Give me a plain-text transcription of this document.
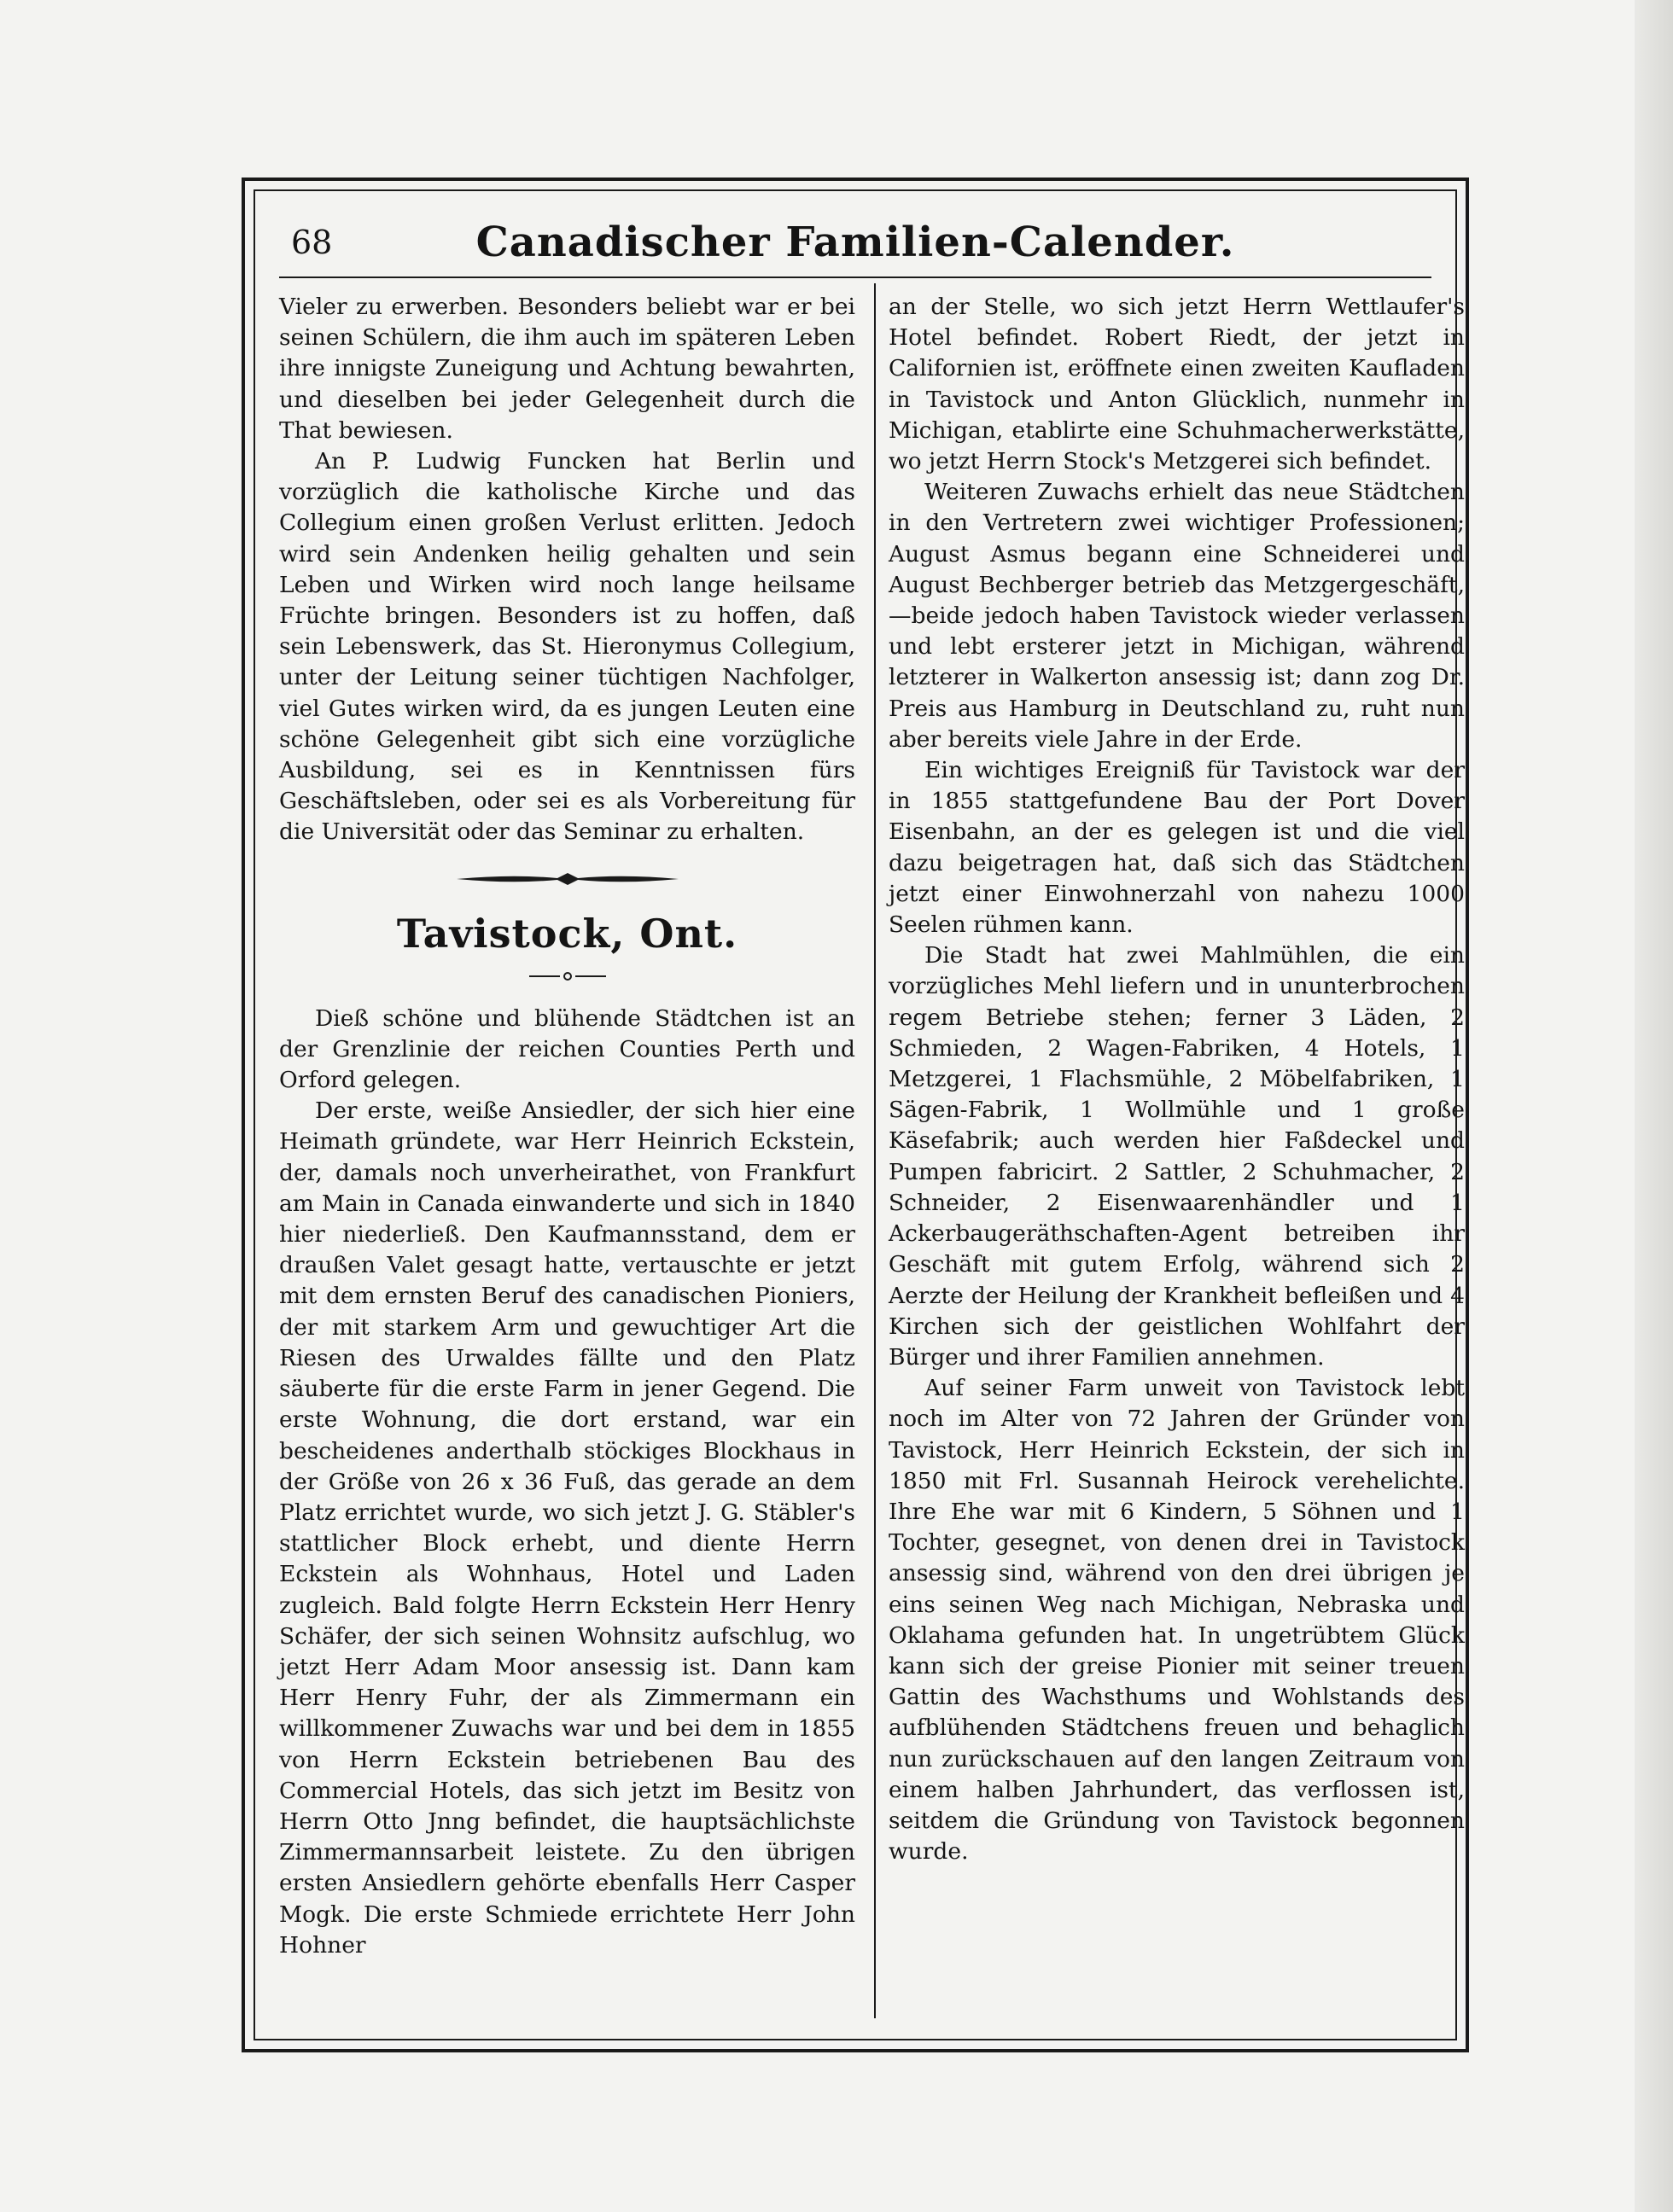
68	Canadischer Familien-Calender.

Vieler zu erwerben. Besonders beliebt war er bei seinen Schülern, die ihm auch im späteren Leben ihre innigste Zuneigung und Achtung bewahrten, und dieselben bei jeder Gelegenheit durch die That bewiesen.

An P. Ludwig Funcken hat Berlin und vorzüglich die katholische Kirche und das Collegium einen großen Verlust erlitten. Jedoch wird sein Andenken heilig gehalten und sein Leben und Wirken wird noch lange heilsame Früchte bringen. Besonders ist zu hoffen, daß sein Lebenswerk, das St. Hieronymus Collegium, unter der Leitung seiner tüchtigen Nachfolger, viel Gutes wirken wird, da es jungen Leuten eine schöne Gelegenheit gibt sich eine vorzügliche Ausbildung, sei es in Kenntnissen fürs Geschäftsleben, oder sei es als Vorbereitung für die Universität oder das Seminar zu erhalten.

Tavistock, Ont.

Dieß schöne und blühende Städtchen ist an der Grenzlinie der reichen Counties Perth und Orford gelegen.

Der erste, weiße Ansiedler, der sich hier eine Heimath gründete, war Herr Heinrich Eckstein, der, damals noch unverheirathet, von Frankfurt am Main in Canada einwanderte und sich in 1840 hier niederließ. Den Kaufmannsstand, dem er draußen Valet gesagt hatte, vertauschte er jetzt mit dem ernsten Beruf des canadischen Pioniers, der mit starkem Arm und gewuchtiger Art die Riesen des Urwaldes fällte und den Platz säuberte für die erste Farm in jener Gegend. Die erste Wohnung, die dort erstand, war ein bescheidenes anderthalb stöckiges Blockhaus in der Größe von 26 x 36 Fuß, das gerade an dem Platz errichtet wurde, wo sich jetzt J. G. Stäbler's stattlicher Block erhebt, und diente Herrn Eckstein als Wohnhaus, Hotel und Laden zugleich. Bald folgte Herrn Eckstein Herr Henry Schäfer, der sich seinen Wohnsitz aufschlug, wo jetzt Herr Adam Moor ansessig ist. Dann kam Herr Henry Fuhr, der als Zimmermann ein willkommener Zuwachs war und bei dem in 1855 von Herrn Eckstein betriebenen Bau des Commercial Hotels, das sich jetzt im Besitz von Herrn Otto Jnng befindet, die hauptsächlichste Zimmermannsarbeit leistete. Zu den übrigen ersten Ansiedlern gehörte ebenfalls Herr Casper Mogk. Die erste Schmiede errichtete Herr John Hohner

an der Stelle, wo sich jetzt Herrn Wettlaufer's Hotel befindet. Robert Riedt, der jetzt in Californien ist, eröffnete einen zweiten Kaufladen in Tavistock und Anton Glücklich, nunmehr in Michigan, etablirte eine Schuhmacherwerkstätte, wo jetzt Herrn Stock's Metzgerei sich befindet.

Weiteren Zuwachs erhielt das neue Städtchen in den Vertretern zwei wichtiger Professionen; August Asmus begann eine Schneiderei und August Bechberger betrieb das Metzgergeschäft, —beide jedoch haben Tavistock wieder verlassen und lebt ersterer jetzt in Michigan, während letzterer in Walkerton ansessig ist; dann zog Dr. Preis aus Hamburg in Deutschland zu, ruht nun aber bereits viele Jahre in der Erde.

Ein wichtiges Ereigniß für Tavistock war der in 1855 stattgefundene Bau der Port Dover Eisenbahn, an der es gelegen ist und die viel dazu beigetragen hat, daß sich das Städtchen jetzt einer Einwohnerzahl von nahezu 1000 Seelen rühmen kann.

Die Stadt hat zwei Mahlmühlen, die ein vorzügliches Mehl liefern und in ununterbrochen regem Betriebe stehen; ferner 3 Läden, 2 Schmieden, 2 Wagen-Fabriken, 4 Hotels, 1 Metzgerei, 1 Flachsmühle, 2 Möbelfabriken, 1 Sägen-Fabrik, 1 Wollmühle und 1 große Käsefabrik; auch werden hier Faßdeckel und Pumpen fabricirt. 2 Sattler, 2 Schuhmacher, 2 Schneider, 2 Eisenwaarenhändler und 1 Ackerbaugeräthschaften-Agent betreiben ihr Geschäft mit gutem Erfolg, während sich 2 Aerzte der Heilung der Krankheit befleißen und 4 Kirchen sich der geistlichen Wohlfahrt der Bürger und ihrer Familien annehmen.

Auf seiner Farm unweit von Tavistock lebt noch im Alter von 72 Jahren der Gründer von Tavistock, Herr Heinrich Eckstein, der sich in 1850 mit Frl. Susannah Heirock verehelichte. Ihre Ehe war mit 6 Kindern, 5 Söhnen und 1 Tochter, gesegnet, von denen drei in Tavistock ansessig sind, während von den drei übrigen je eins seinen Weg nach Michigan, Nebraska und Oklahama gefunden hat. In ungetrübtem Glück kann sich der greise Pionier mit seiner treuen Gattin des Wachsthums und Wohlstands des aufblühenden Städtchens freuen und behaglich nun zurückschauen auf den langen Zeitraum von einem halben Jahrhundert, das verflossen ist, seitdem die Gründung von Tavistock begonnen wurde.
